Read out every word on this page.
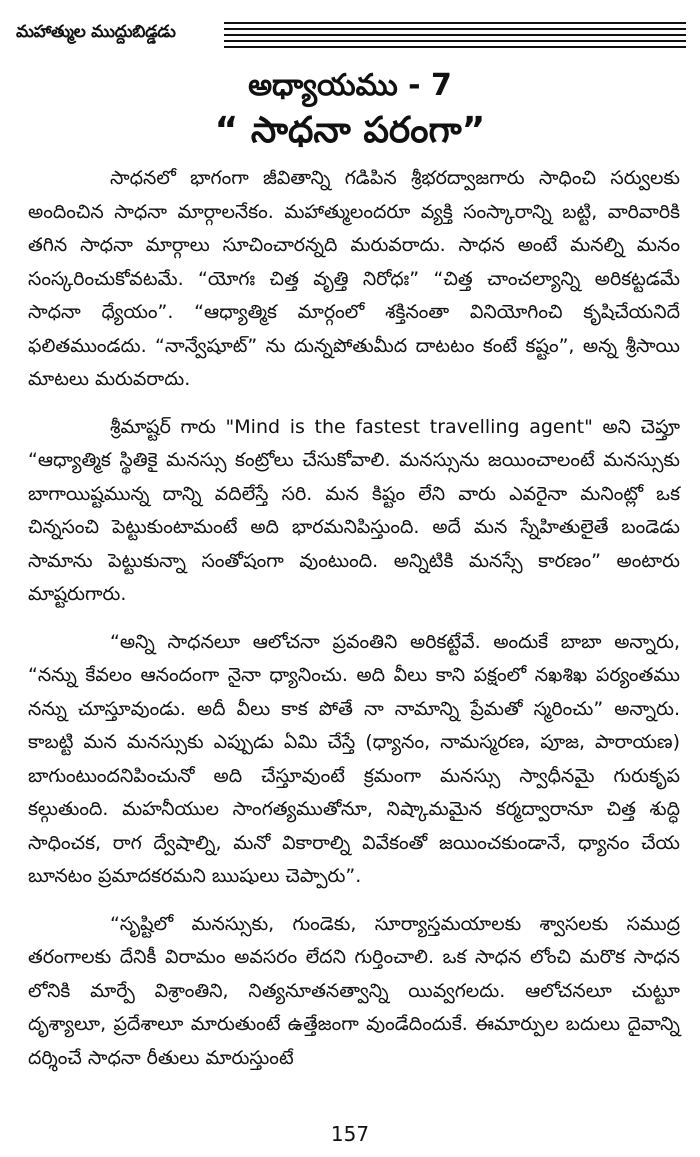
మహాత్ముల ముద్దుబిడ్డడు
అధ్యాయము - 7
“ సాధనా పరంగా”

సాధనలో భాగంగా జీవితాన్ని గడిపిన శ్రీభరద్వాజగారు సాధించి సర్వులకు అందించిన సాధనా మార్గాలనేకం. మహాత్ములందరూ వ్యక్తి సంస్కారాన్ని బట్టి, వారివారికి తగిన సాధనా మార్గాలు సూచించారన్నది మరువరాదు. సాధన అంటే మనల్ని మనం సంస్కరించుకోవటమే. “యోగః చిత్త వృత్తి నిరోధః” “చిత్త చాంచల్యాన్ని అరికట్టడమే సాధనా ధ్యేయం”. “ఆధ్యాత్మిక మార్గంలో శక్తినంతా వినియోగించి కృషిచేయనిదే ఫలితముండదు. “నాన్వేషూట్” ను దున్నపోతుమీద దాటటం కంటే కష్టం”, అన్న శ్రీసాయి మాటలు మరువరాదు.

శ్రీమాష్టర్ గారు "Mind is the fastest travelling agent" అని చెప్తూ “ఆధ్యాత్మిక స్థితికై మనస్సు కంట్రోలు చేసుకోవాలి. మనస్సును జయించాలంటే మనస్సుకు బాగాయిష్టమున్న దాన్ని వదిలేస్తే సరి. మన కిష్టం లేని వారు ఎవరైనా మనింట్లో ఒక చిన్నసంచి పెట్టుకుంటామంటే అది భారమనిపిస్తుంది. అదే మన స్నేహితులైతే బండెడు సామాను పెట్టుకున్నా సంతోషంగా వుంటుంది. అన్నిటికి మనస్సే కారణం” అంటారు మాష్టరుగారు.

“అన్ని సాధనలూ ఆలోచనా ప్రవంతిని అరికట్టేవే. అందుకే బాబా అన్నారు, “నన్ను కేవలం ఆనందంగా నైనా ధ్యానించు. అది వీలు కాని పక్షంలో నఖశిఖ పర్యంతము నన్ను చూస్తూవుండు. అదీ వీలు కాక పోతే నా నామాన్ని ప్రేమతో స్మరించు” అన్నారు. కాబట్టి మన మనస్సుకు ఎప్పుడు ఏమి చేస్తే (ధ్యానం, నామస్మరణ, పూజ, పారాయణ) బాగుంటుందనిపించునో అది చేస్తూవుంటే క్రమంగా మనస్సు స్వాధీనమై గురుకృప కల్గుతుంది. మహనీయుల సాంగత్యముతోనూ, నిష్కామమైన కర్మద్వారానూ చిత్త శుద్ధి సాధించక, రాగ ద్వేషాల్ని, మనో వికారాల్ని వివేకంతో జయించకుండానే, ధ్యానం చేయ బూనటం ప్రమాదకరమని ఋషులు చెప్పారు”.

“సృష్టిలో మనస్సుకు, గుండెకు, సూర్యాస్తమయాలకు శ్వాసలకు సముద్ర తరంగాలకు దేనికీ విరామం అవసరం లేదని గుర్తించాలి. ఒక సాధన లోంచి మరొక సాధన లోనికి మార్పే విశ్రాంతిని, నిత్యనూతనత్వాన్ని యివ్వగలదు. ఆలోచనలూ చుట్టూ దృశ్యాలూ, ప్రదేశాలూ మారుతుంటే ఉత్తేజంగా వుండేదిందుకే. ఈమార్పుల బదులు దైవాన్ని దర్శించే సాధనా రీతులు మారుస్తుంటే

157
